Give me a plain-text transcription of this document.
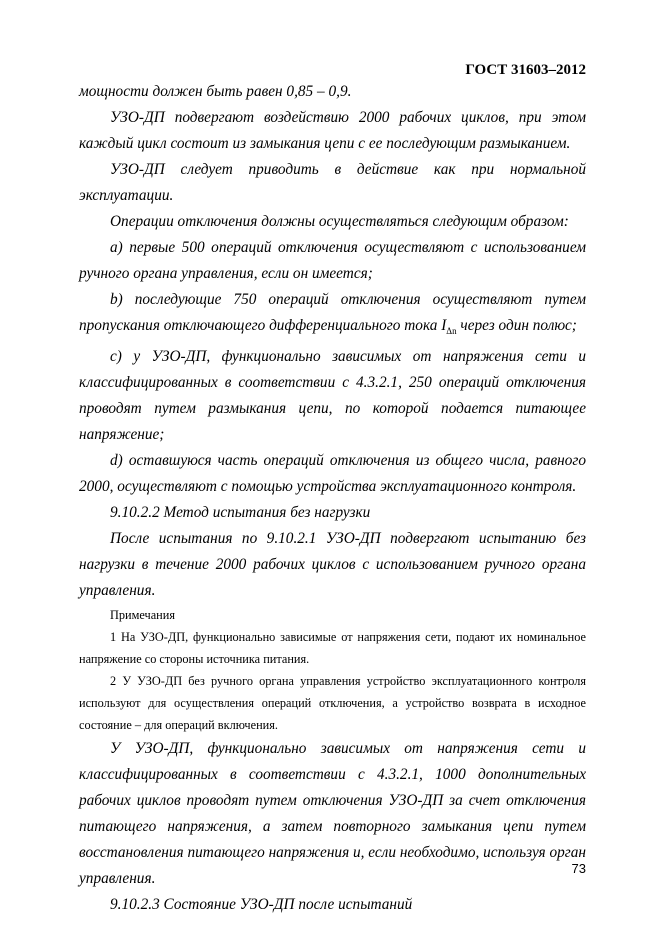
ГОСТ 31603–2012

мощности должен быть равен 0,85 – 0,9.

УЗО-ДП подвергают воздействию 2000 рабочих циклов, при этом каждый цикл состоит из замыкания цепи с ее последующим размыканием.

УЗО-ДП следует приводить в действие как при нормальной эксплуатации.

Операции отключения должны осуществляться следующим образом:

а) первые 500 операций отключения осуществляют с использованием ручного органа управления, если он имеется;

b) последующие 750 операций отключения осуществляют путем пропускания отключающего дифференциального тока $I_{\Delta n}$ через один полюс;

с) у УЗО-ДП, функционально зависимых от напряжения сети и классифицированных в соответствии с 4.3.2.1, 250 операций отключения проводят путем размыкания цепи, по которой подается питающее напряжение;

d) оставшуюся часть операций отключения из общего числа, равного 2000, осуществляют с помощью устройства эксплуатационного контроля.

9.10.2.2 Метод испытания без нагрузки

После испытания по 9.10.2.1 УЗО-ДП подвергают испытанию без нагрузки в течение 2000 рабочих циклов с использованием ручного органа управления.

Примечания

1 На УЗО-ДП, функционально зависимые от напряжения сети, подают их номинальное напряжение со стороны источника питания.

2 У УЗО-ДП без ручного органа управления устройство эксплуатационного контроля используют для осуществления операций отключения, а устройство возврата в исходное состояние – для операций включения.

У УЗО-ДП, функционально зависимых от напряжения сети и классифицированных в соответствии с 4.3.2.1, 1000 дополнительных рабочих циклов проводят путем отключения УЗО-ДП за счет отключения питающего напряжения, а затем повторного замыкания цепи путем восстановления питающего напряжения и, если необходимо, используя орган управления.

9.10.2.3 Состояние УЗО-ДП после испытаний

73
